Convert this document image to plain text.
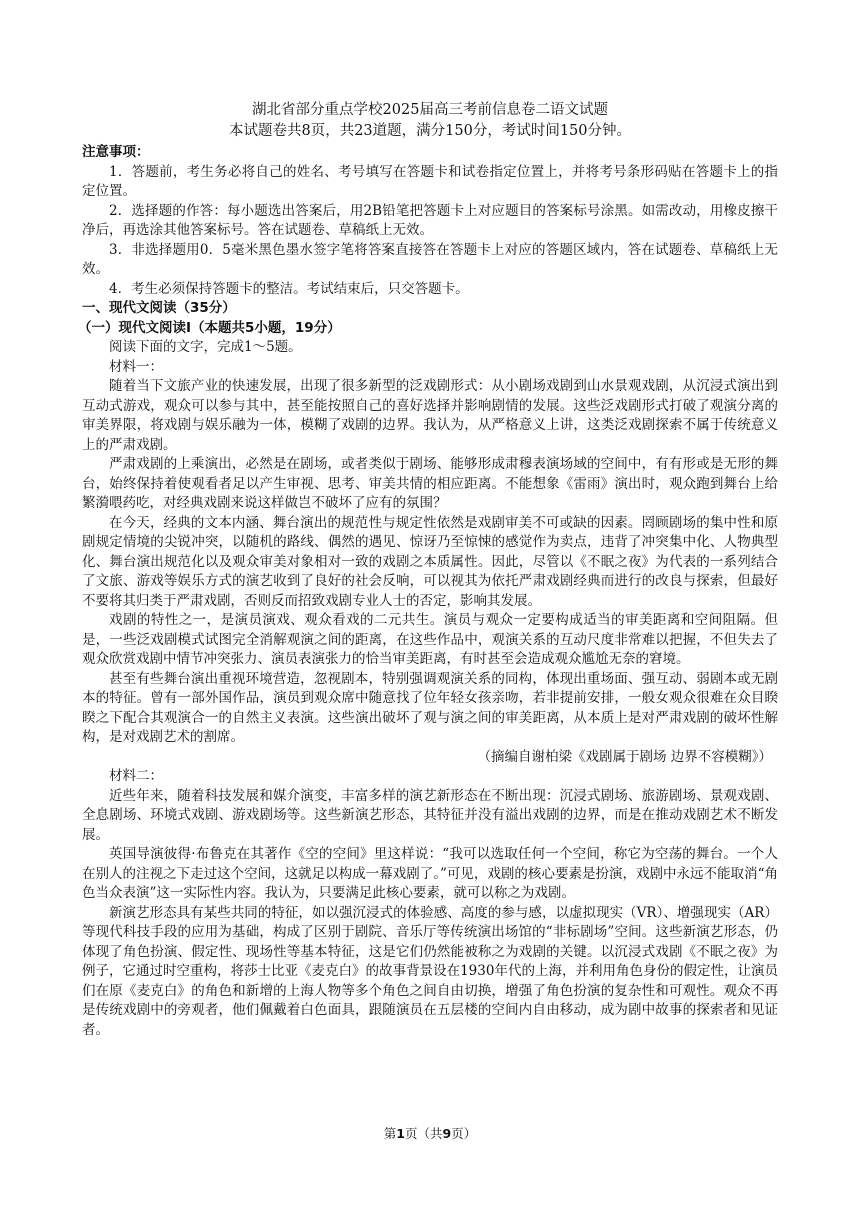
湖北省部分重点学校2025届高三考前信息卷二语文试题

本试题卷共8页，共23道题，满分150分，考试时间150分钟。

注意事项：

1．答题前，考生务必将自己的姓名、考号填写在答题卡和试卷指定位置上，并将考号条形码贴在答题卡上的指定位置。

2．选择题的作答：每小题选出答案后，用2B铅笔把答题卡上对应题目的答案标号涂黑。如需改动，用橡皮擦干净后，再选涂其他答案标号。答在试题卷、草稿纸上无效。

3．非选择题用0．5毫米黑色墨水签字笔将答案直接答在答题卡上对应的答题区域内，答在试题卷、草稿纸上无效。

4．考生必须保持答题卡的整洁。考试结束后，只交答题卡。

一、现代文阅读（35分）

（一）现代文阅读Ⅰ（本题共5小题，19分）

阅读下面的文字，完成1～5题。

材料一：

随着当下文旅产业的快速发展，出现了很多新型的泛戏剧形式：从小剧场戏剧到山水景观戏剧，从沉浸式演出到互动式游戏，观众可以参与其中，甚至能按照自己的喜好选择并影响剧情的发展。这些泛戏剧形式打破了观演分离的审美界限，将戏剧与娱乐融为一体，模糊了戏剧的边界。我认为，从严格意义上讲，这类泛戏剧探索不属于传统意义上的严肃戏剧。

严肃戏剧的上乘演出，必然是在剧场，或者类似于剧场、能够形成肃穆表演场域的空间中，有有形或是无形的舞台，始终保持着使观看者足以产生审视、思考、审美共情的相应距离。不能想象《雷雨》演出时，观众跑到舞台上给繁漪喂药吃，对经典戏剧来说这样做岂不破坏了应有的氛围？

在今天，经典的文本内涵、舞台演出的规范性与规定性依然是戏剧审美不可或缺的因素。罔顾剧场的集中性和原剧规定情境的尖锐冲突，以随机的路线、偶然的遇见、惊讶乃至惊悚的感觉作为卖点，违背了冲突集中化、人物典型化、舞台演出规范化以及观众审美对象相对一致的戏剧之本质属性。因此，尽管以《不眠之夜》为代表的一系列结合了文旅、游戏等娱乐方式的演艺收到了良好的社会反响，可以视其为依托严肃戏剧经典而进行的改良与探索，但最好不要将其归类于严肃戏剧，否则反而招致戏剧专业人士的否定，影响其发展。

戏剧的特性之一，是演员演戏、观众看戏的二元共生。演员与观众一定要构成适当的审美距离和空间阻隔。但是，一些泛戏剧模式试图完全消解观演之间的距离，在这些作品中，观演关系的互动尺度非常难以把握，不但失去了观众欣赏戏剧中情节冲突张力、演员表演张力的恰当审美距离，有时甚至会造成观众尴尬无奈的窘境。

甚至有些舞台演出重视环境营造，忽视剧本，特别强调观演关系的同构，体现出重场面、强互动、弱剧本或无剧本的特征。曾有一部外国作品，演员到观众席中随意找了位年轻女孩亲吻，若非提前安排，一般女观众很难在众目睽睽之下配合其观演合一的自然主义表演。这些演出破坏了观与演之间的审美距离，从本质上是对严肃戏剧的破坏性解构，是对戏剧艺术的割席。

（摘编自谢柏梁《戏剧属于剧场 边界不容模糊》）

材料二：

近些年来，随着科技发展和媒介演变，丰富多样的演艺新形态在不断出现：沉浸式剧场、旅游剧场、景观戏剧、全息剧场、环境式戏剧、游戏剧场等。这些新演艺形态，其特征并没有溢出戏剧的边界，而是在推动戏剧艺术不断发展。

英国导演彼得·布鲁克在其著作《空的空间》里这样说：“我可以选取任何一个空间，称它为空荡的舞台。一个人在别人的注视之下走过这个空间，这就足以构成一幕戏剧了。”可见，戏剧的核心要素是扮演，戏剧中永远不能取消“角色当众表演”这一实际性内容。我认为，只要满足此核心要素，就可以称之为戏剧。

新演艺形态具有某些共同的特征，如以强沉浸式的体验感、高度的参与感，以虚拟现实（VR）、增强现实（AR）等现代科技手段的应用为基础，构成了区别于剧院、音乐厅等传统演出场馆的“非标剧场”空间。这些新演艺形态，仍体现了角色扮演、假定性、现场性等基本特征，这是它们仍然能被称之为戏剧的关键。以沉浸式戏剧《不眠之夜》为例子，它通过时空重构，将莎士比亚《麦克白》的故事背景设在1930年代的上海，并利用角色身份的假定性，让演员们在原《麦克白》的角色和新增的上海人物等多个角色之间自由切换，增强了角色扮演的复杂性和可观性。观众不再是传统戏剧中的旁观者，他们佩戴着白色面具，跟随演员在五层楼的空间内自由移动，成为剧中故事的探索者和见证者。

第1页（共9页）
